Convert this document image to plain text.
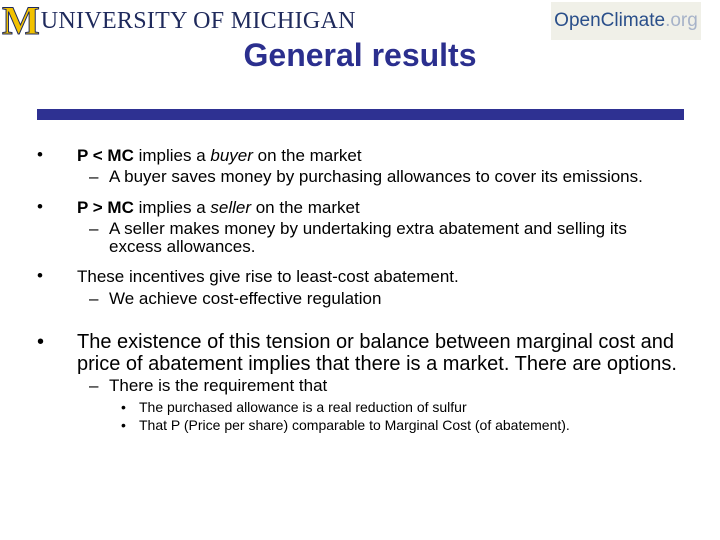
M UNIVERSITY OF MICHIGAN	Open Climate .org
General results
• P < MC implies a buyer on the market
– A buyer saves money by purchasing allowances to cover its emissions.
• P > MC implies a seller on the market
– A seller makes money by undertaking extra abatement and selling its
excess allowances.
• These incentives give rise to least-cost abatement.
– We achieve cost-effective regulation
• The existence of this tension or balance between marginal cost and
price of abatement implies that there is a market. There are options.
– There is the requirement that
• The purchased allowance is a real reduction of sulfur
• That P (Price per share) comparable to Marginal Cost (of abatement).
